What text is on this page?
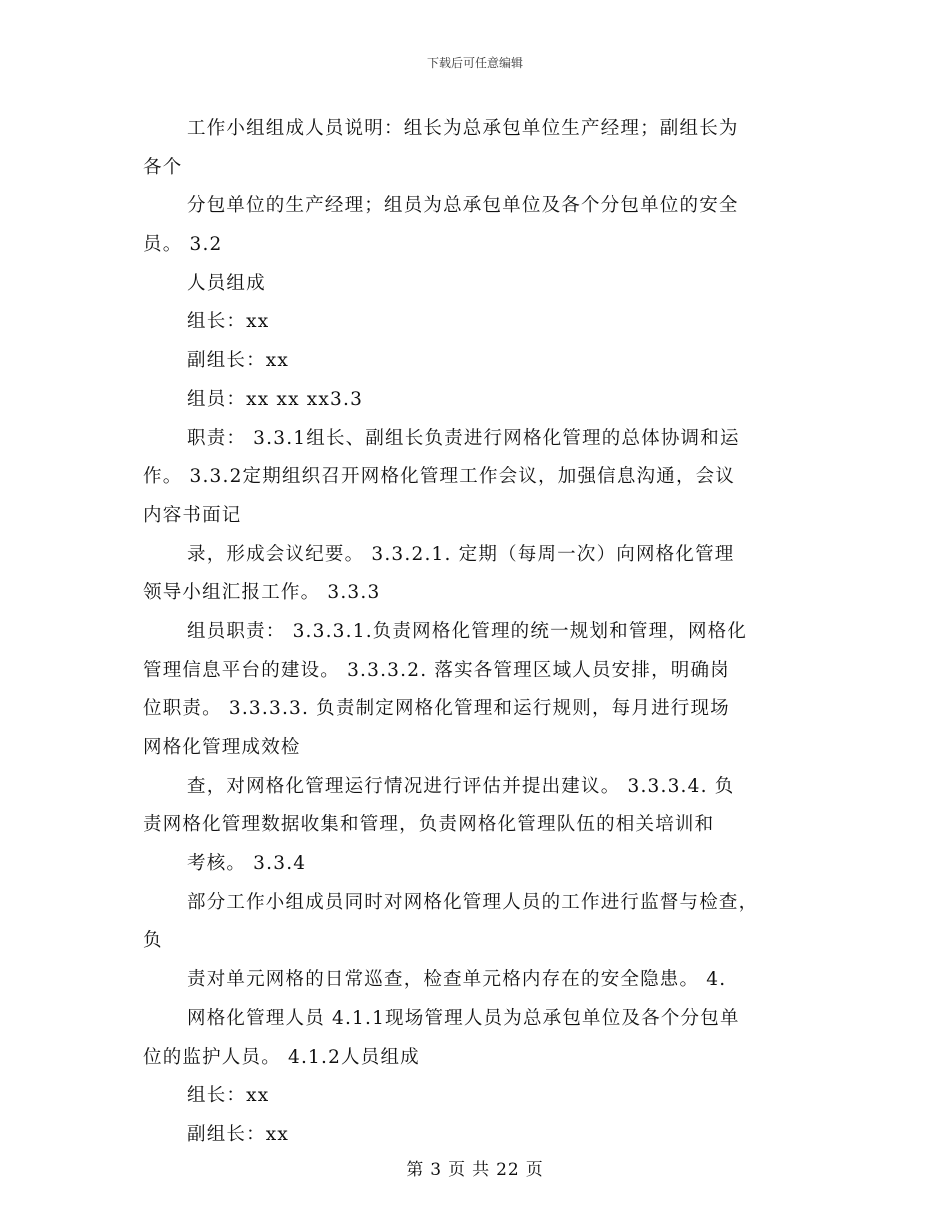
下载后可任意编辑
工作小组组成人员说明：组长为总承包单位生产经理；副组长为
各个
分包单位的生产经理；组员为总承包单位及各个分包单位的安全
员。 3.2
人员组成
组长：xx
副组长：xx
组员：xx xx xx3.3
职责： 3.3.1组长、副组长负责进行网格化管理的总体协调和运
作。 3.3.2定期组织召开网格化管理工作会议，加强信息沟通，会议
内容书面记
录，形成会议纪要。 3.3.2.1. 定期（每周一次）向网格化管理
领导小组汇报工作。 3.3.3
组员职责： 3.3.3.1.负责网格化管理的统一规划和管理，网格化
管理信息平台的建设。 3.3.3.2. 落实各管理区域人员安排，明确岗
位职责。 3.3.3.3. 负责制定网格化管理和运行规则，每月进行现场
网格化管理成效检
查，对网格化管理运行情况进行评估并提出建议。 3.3.3.4. 负
责网格化管理数据收集和管理，负责网格化管理队伍的相关培训和
考核。 3.3.4
部分工作小组成员同时对网格化管理人员的工作进行监督与检查，
负
责对单元网格的日常巡查，检查单元格内存在的安全隐患。 4.
网格化管理人员 4.1.1现场管理人员为总承包单位及各个分包单
位的监护人员。 4.1.2人员组成
组长：xx
副组长：xx
第 3 页 共 22 页
